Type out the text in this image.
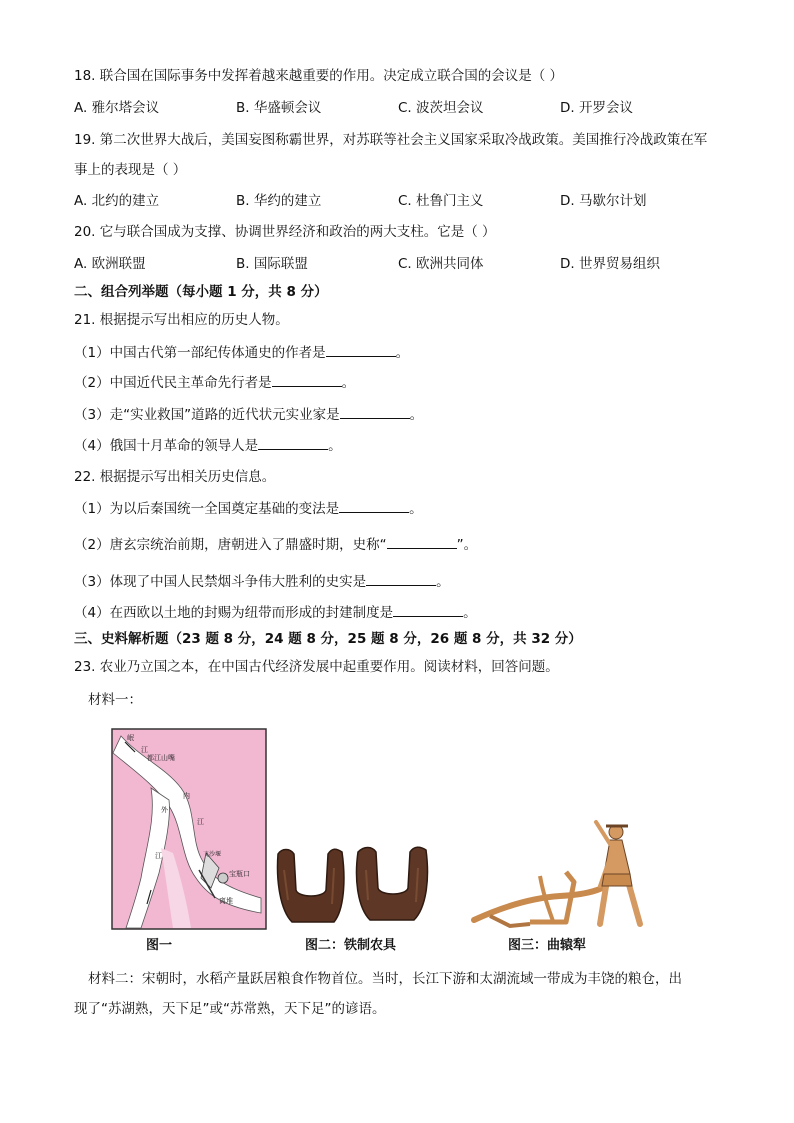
18. 联合国在国际事务中发挥着越来越重要的作用。决定成立联合国的会议是（ ）
A. 雅尔塔会议	B. 华盛顿会议	C. 波茨坦会议	D. 开罗会议
19. 第二次世界大战后，美国妄图称霸世界，对苏联等社会主义国家采取冷战政策。美国推行冷战政策在军
事上的表现是（ ）
A. 北约的建立	B. 华约的建立	C. 杜鲁门主义	D. 马歇尔计划
20. 它与联合国成为支撑、协调世界经济和政治的两大支柱。它是（ ）
A. 欧洲联盟	B. 国际联盟	C. 欧洲共同体	D. 世界贸易组织
二、组合列举题（每小题 1 分，共 8 分）
21. 根据提示写出相应的历史人物。
（1）中国古代第一部纪传体通史的作者是	。
（2）中国近代民主革命先行者是	。
（3）走“实业救国”道路的近代状元实业家是	。
（4）俄国十月革命的领导人是	。
22. 根据提示写出相关历史信息。
（1）为以后秦国统一全国奠定基础的变法是	。
（2）唐玄宗统治前期，唐朝进入了鼎盛时期，史称“	”。
（3）体现了中国人民禁烟斗争伟大胜利的史实是	。
（4）在西欧以土地的封赐为纽带而形成的封建制度是	。
三、史料解析题（23 题 8 分，24 题 8 分，25 题 8 分，26 题 8 分，共 32 分）
23. 农业乃立国之本，在中国古代经济发展中起重要作用。阅读材料，回答问题。
材料一：
岷
江
都江山嘴
内
江
外
江
宝瓶口
飞沙堰
离堆
图一	图二：铁制农具	图三：曲辕犁
材料二：宋朝时，水稻产量跃居粮食作物首位。当时，长江下游和太湖流域一带成为丰饶的粮仓，出
现了“苏湖熟，天下足”或“苏常熟，天下足”的谚语。
